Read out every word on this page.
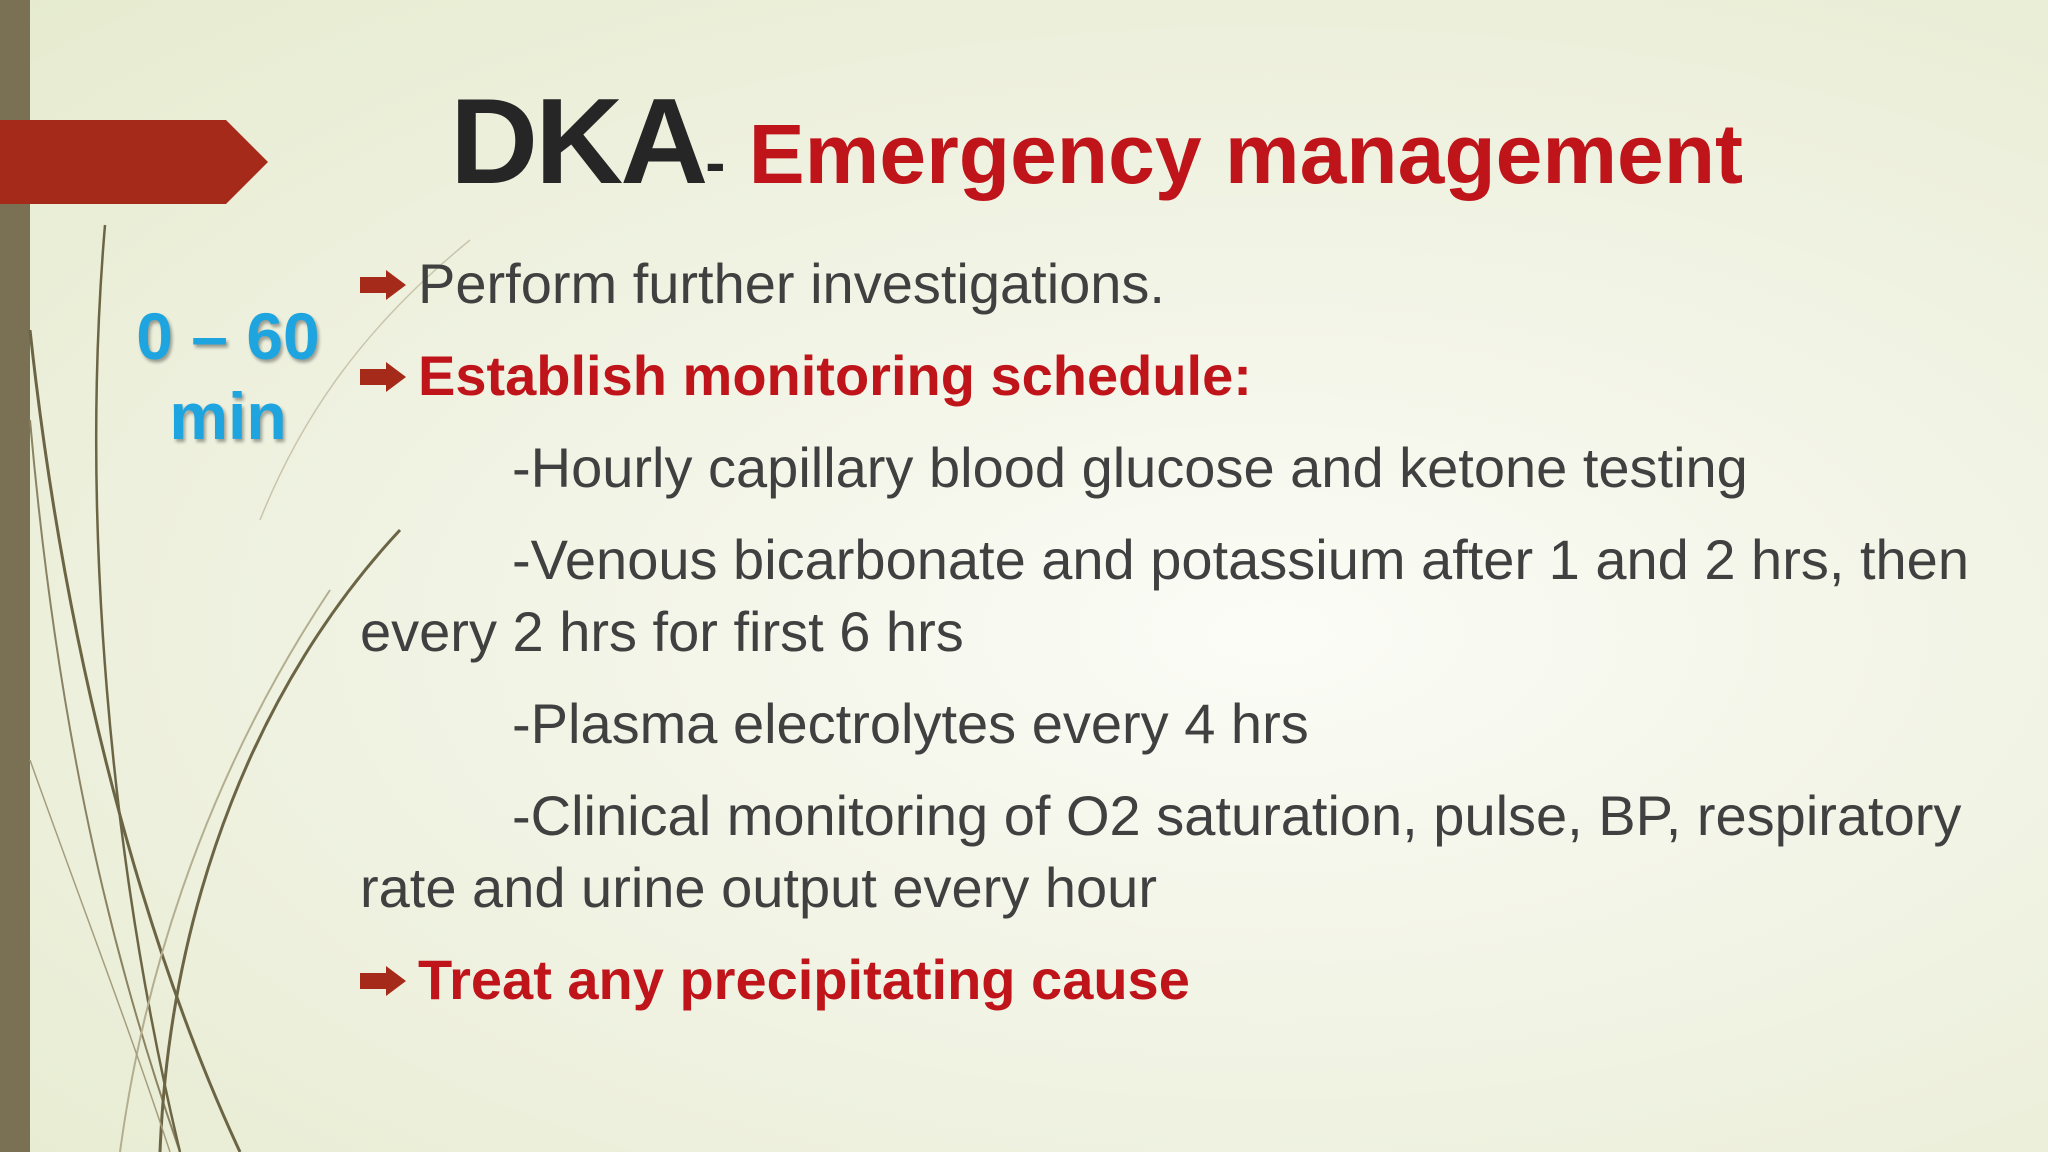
DKA- Emergency management
0 – 60
min

Perform further investigations.

Establish monitoring schedule:

-Hourly capillary blood glucose and ketone testing

-Venous bicarbonate and potassium after 1 and 2 hrs, then every 2 hrs for first 6 hrs

-Plasma electrolytes every 4 hrs

-Clinical monitoring of O2 saturation, pulse, BP, respiratory rate and urine output every hour

Treat any precipitating cause
